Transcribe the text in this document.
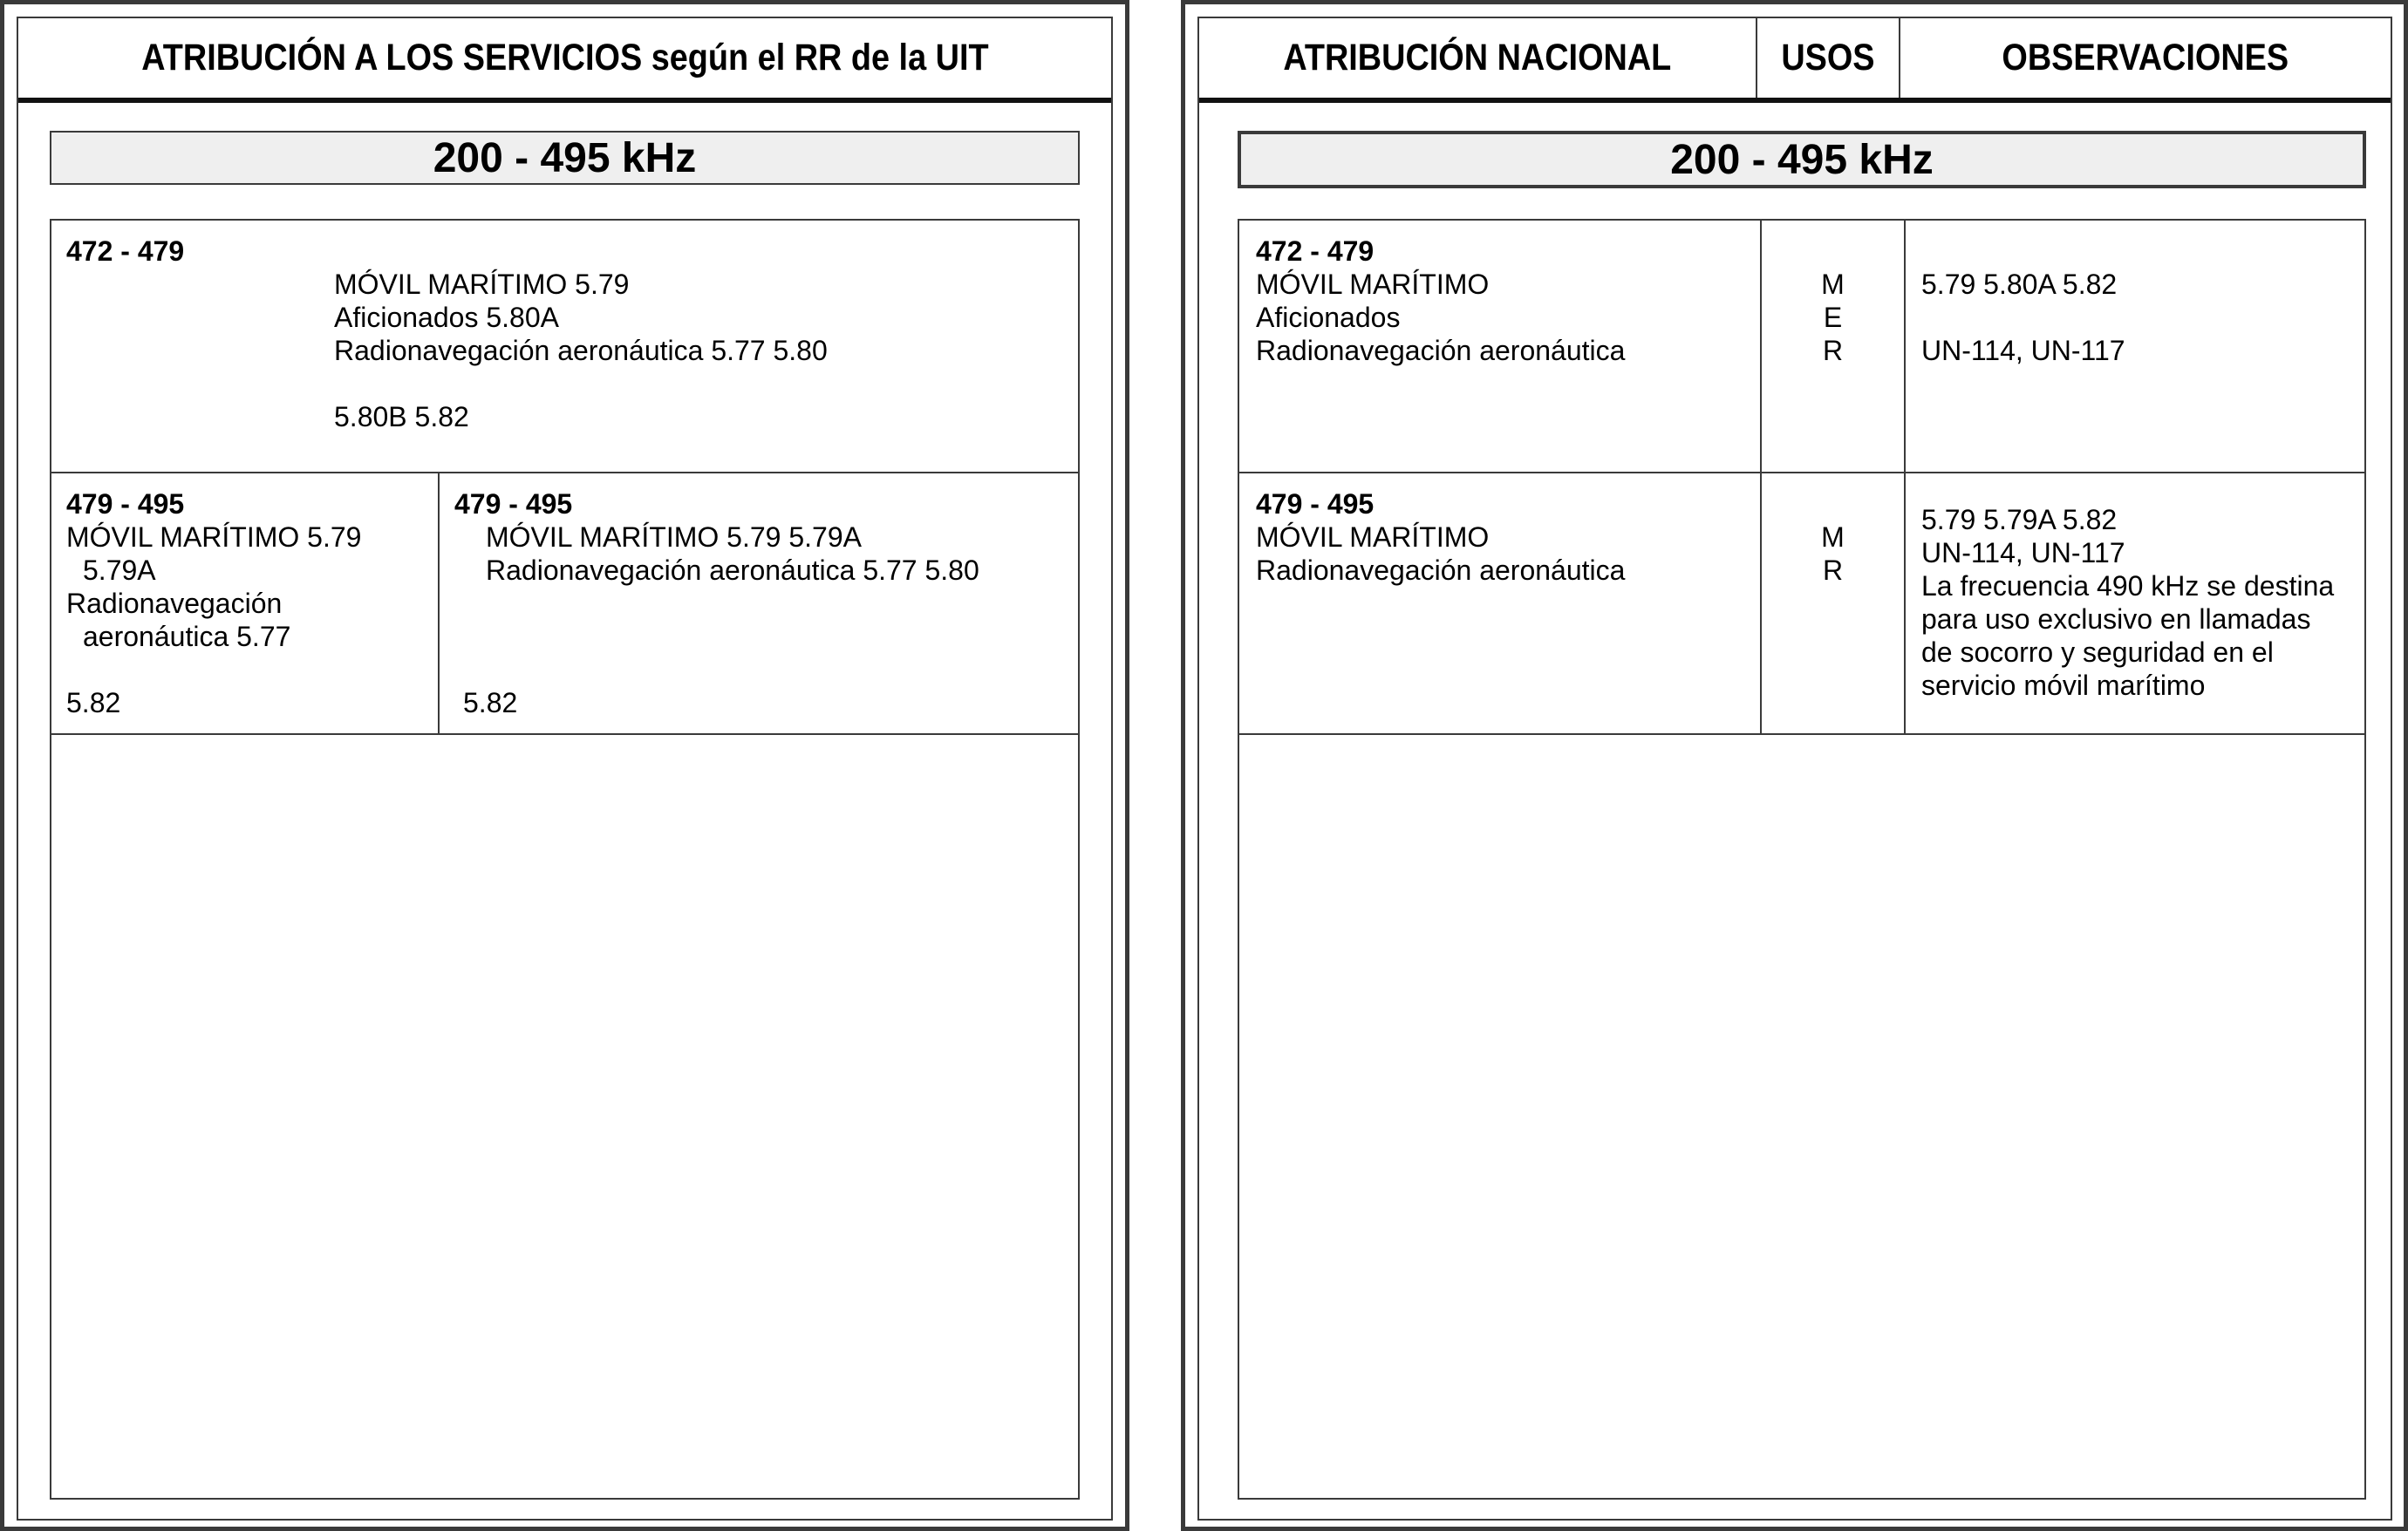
ATRIBUCIÓN A LOS SERVICIOS según el RR de la UIT
200 - 495 kHz
472 - 479
MÓVIL MARÍTIMO 5.79
Aficionados 5.80A
Radionavegación aeronáutica 5.77 5.80
5.80B 5.82
479 - 495
MÓVIL MARÍTIMO 5.79
5.79A
Radionavegación
aeronáutica 5.77
5.82
479 - 495
MÓVIL MARÍTIMO 5.79 5.79A
Radionavegación aeronáutica 5.77 5.80
5.82
ATRIBUCIÓN NACIONAL	USOS	OBSERVACIONES
200 - 495 kHz
472 - 479
MÓVIL MARÍTIMO
Aficionados
Radionavegación aeronáutica
M
E
R
5.79 5.80A 5.82
UN-114, UN-117
479 - 495
MÓVIL MARÍTIMO
Radionavegación aeronáutica
M
R
5.79 5.79A 5.82
UN-114, UN-117
La frecuencia 490 kHz se destina
para uso exclusivo en llamadas
de socorro y seguridad en el
servicio móvil marítimo
